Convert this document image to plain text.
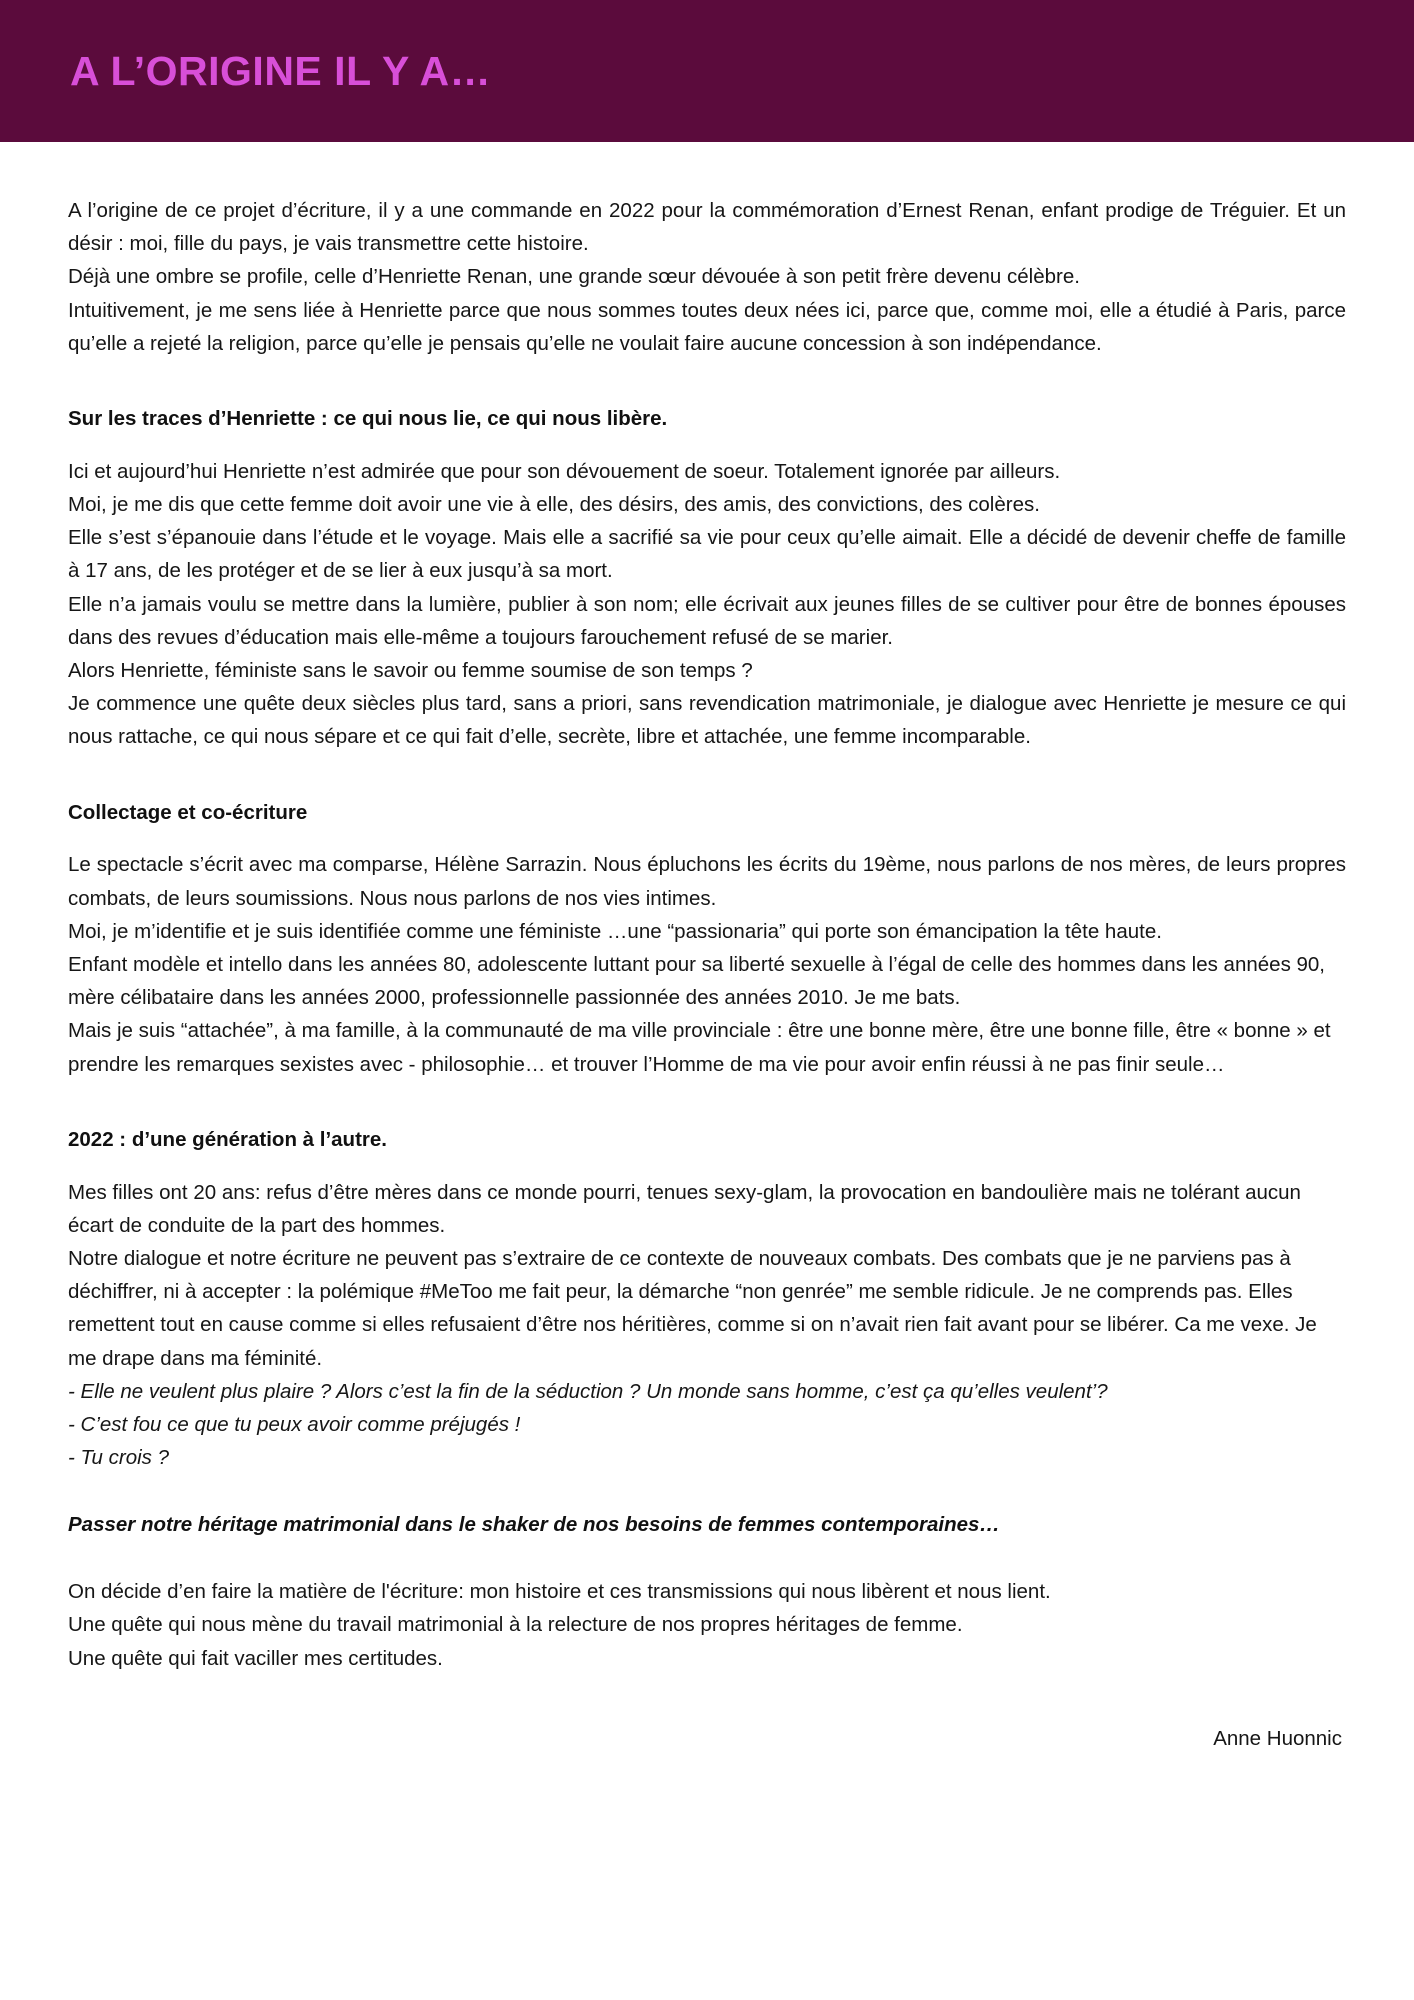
A L’ORIGINE IL Y A…

A l’origine de ce projet d’écriture, il y a une commande en 2022 pour la commémoration d’Ernest Renan, enfant prodige de Tréguier. Et un désir : moi, fille du pays, je vais transmettre cette histoire.

Déjà une ombre se profile, celle d’Henriette Renan, une grande sœur dévouée à son petit frère devenu célèbre.

Intuitivement, je me sens liée à Henriette parce que nous sommes toutes deux nées ici, parce que, comme moi, elle a étudié à Paris, parce qu’elle a rejeté la religion, parce qu’elle je pensais qu’elle ne voulait faire aucune concession à son indépendance.

Sur les traces d’Henriette : ce qui nous lie, ce qui nous libère.

Ici et aujourd’hui Henriette n’est admirée que pour son dévouement de soeur. Totalement ignorée par ailleurs.

Moi, je me dis que cette femme doit avoir une vie à elle, des désirs, des amis, des convictions, des colères.

Elle s’est s’épanouie dans l’étude et le voyage. Mais elle a sacrifié sa vie pour ceux qu’elle aimait. Elle a décidé de devenir cheffe de famille à 17 ans, de les protéger et de se lier à eux jusqu’à sa mort.

Elle n’a jamais voulu se mettre dans la lumière, publier à son nom; elle écrivait aux jeunes filles de se cultiver pour être de bonnes épouses dans des revues d’éducation mais elle-même a toujours farouchement refusé de se marier.

Alors Henriette, féministe sans le savoir ou femme soumise de son temps ?

Je commence une quête deux siècles plus tard, sans a priori, sans revendication matrimoniale, je dialogue avec Henriette je mesure ce qui nous rattache, ce qui nous sépare et ce qui fait d’elle, secrète, libre et attachée, une femme incomparable.

Collectage et co-écriture

Le spectacle s’écrit avec ma comparse, Hélène Sarrazin. Nous épluchons les écrits du 19ème, nous parlons de nos mères, de leurs propres combats, de leurs soumissions. Nous nous parlons de nos vies intimes.

Moi, je m’identifie et je suis identifiée comme une féministe …une “passionaria” qui porte son émancipation la tête haute.

Enfant modèle et intello dans les années 80, adolescente luttant pour sa liberté sexuelle à l’égal de celle des hommes dans les années 90, mère célibataire dans les années 2000, professionnelle passionnée des années 2010. Je me bats.

Mais je suis “attachée”, à ma famille, à la communauté de ma ville provinciale : être une bonne mère, être une bonne fille, être « bonne » et prendre les remarques sexistes avec - philosophie… et trouver l’Homme de ma vie pour avoir enfin réussi à ne pas finir seule…

2022 : d’une génération à l’autre.

Mes filles ont 20 ans: refus d’être mères dans ce monde pourri, tenues sexy-glam, la provocation en bandoulière mais ne tolérant aucun écart de conduite de la part des hommes.

Notre dialogue et notre écriture ne peuvent pas s’extraire de ce contexte de nouveaux combats. Des combats que je ne parviens pas à déchiffrer, ni à accepter : la polémique #MeToo me fait peur, la démarche “non genrée” me semble ridicule. Je ne comprends pas. Elles remettent tout en cause comme si elles refusaient d’être nos héritières, comme si on n’avait rien fait avant pour se libérer. Ca me vexe. Je me drape dans ma féminité.

- Elle ne veulent plus plaire ? Alors c’est la fin de la séduction ? Un monde sans homme, c’est ça qu’elles veulent’?

- C’est fou ce que tu peux avoir comme préjugés !

- Tu crois ?

Passer notre héritage matrimonial dans le shaker de nos besoins de femmes contemporaines…

On décide d’en faire la matière de l'écriture: mon histoire et ces transmissions qui nous libèrent et nous lient.

Une quête qui nous mène du travail matrimonial à la relecture de nos propres héritages de femme.

Une quête qui fait vaciller mes certitudes.

Anne Huonnic
